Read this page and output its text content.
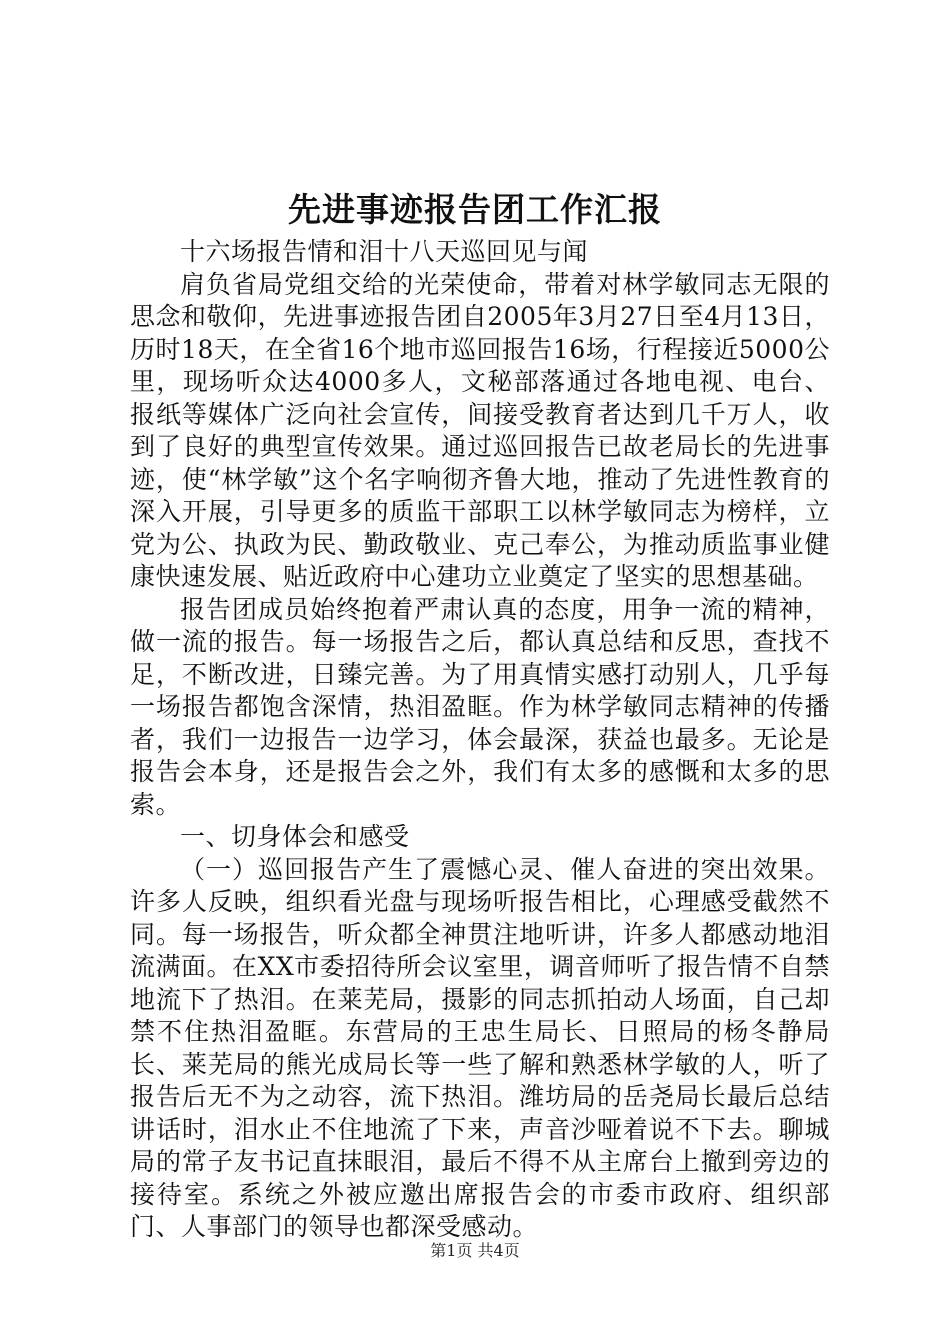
先进事迹报告团工作汇报

十六场报告情和泪十八天巡回见与闻

肩负省局党组交给的光荣使命，带着对林学敏同志无限的思念和敬仰，先进事迹报告团自2005年3月27日至4月13日，历时18天，在全省16个地市巡回报告16场，行程接近5000公里，现场听众达4000多人，文秘部落通过各地电视、电台、报纸等媒体广泛向社会宣传，间接受教育者达到几千万人，收到了良好的典型宣传效果。通过巡回报告已故老局长的先进事迹，使“林学敏”这个名字响彻齐鲁大地，推动了先进性教育的深入开展，引导更多的质监干部职工以林学敏同志为榜样，立党为公、执政为民、勤政敬业、克己奉公，为推动质监事业健康快速发展、贴近政府中心建功立业奠定了坚实的思想基础。

报告团成员始终抱着严肃认真的态度，用争一流的精神，做一流的报告。每一场报告之后，都认真总结和反思，查找不足，不断改进，日臻完善。为了用真情实感打动别人，几乎每一场报告都饱含深情，热泪盈眶。作为林学敏同志精神的传播者，我们一边报告一边学习，体会最深，获益也最多。无论是报告会本身，还是报告会之外，我们有太多的感慨和太多的思索。

一、切身体会和感受

（一）巡回报告产生了震憾心灵、催人奋进的突出效果。许多人反映，组织看光盘与现场听报告相比，心理感受截然不同。每一场报告，听众都全神贯注地听讲，许多人都感动地泪流满面。在XX市委招待所会议室里，调音师听了报告情不自禁地流下了热泪。在莱芜局，摄影的同志抓拍动人场面，自己却禁不住热泪盈眶。东营局的王忠生局长、日照局的杨冬静局长、莱芜局的熊光成局长等一些了解和熟悉林学敏的人，听了报告后无不为之动容，流下热泪。潍坊局的岳尧局长最后总结讲话时，泪水止不住地流了下来，声音沙哑着说不下去。聊城局的常子友书记直抹眼泪，最后不得不从主席台上撤到旁边的接待室。系统之外被应邀出席报告会的市委市政府、组织部门、人事部门的领导也都深受感动。

第1页 共4页
